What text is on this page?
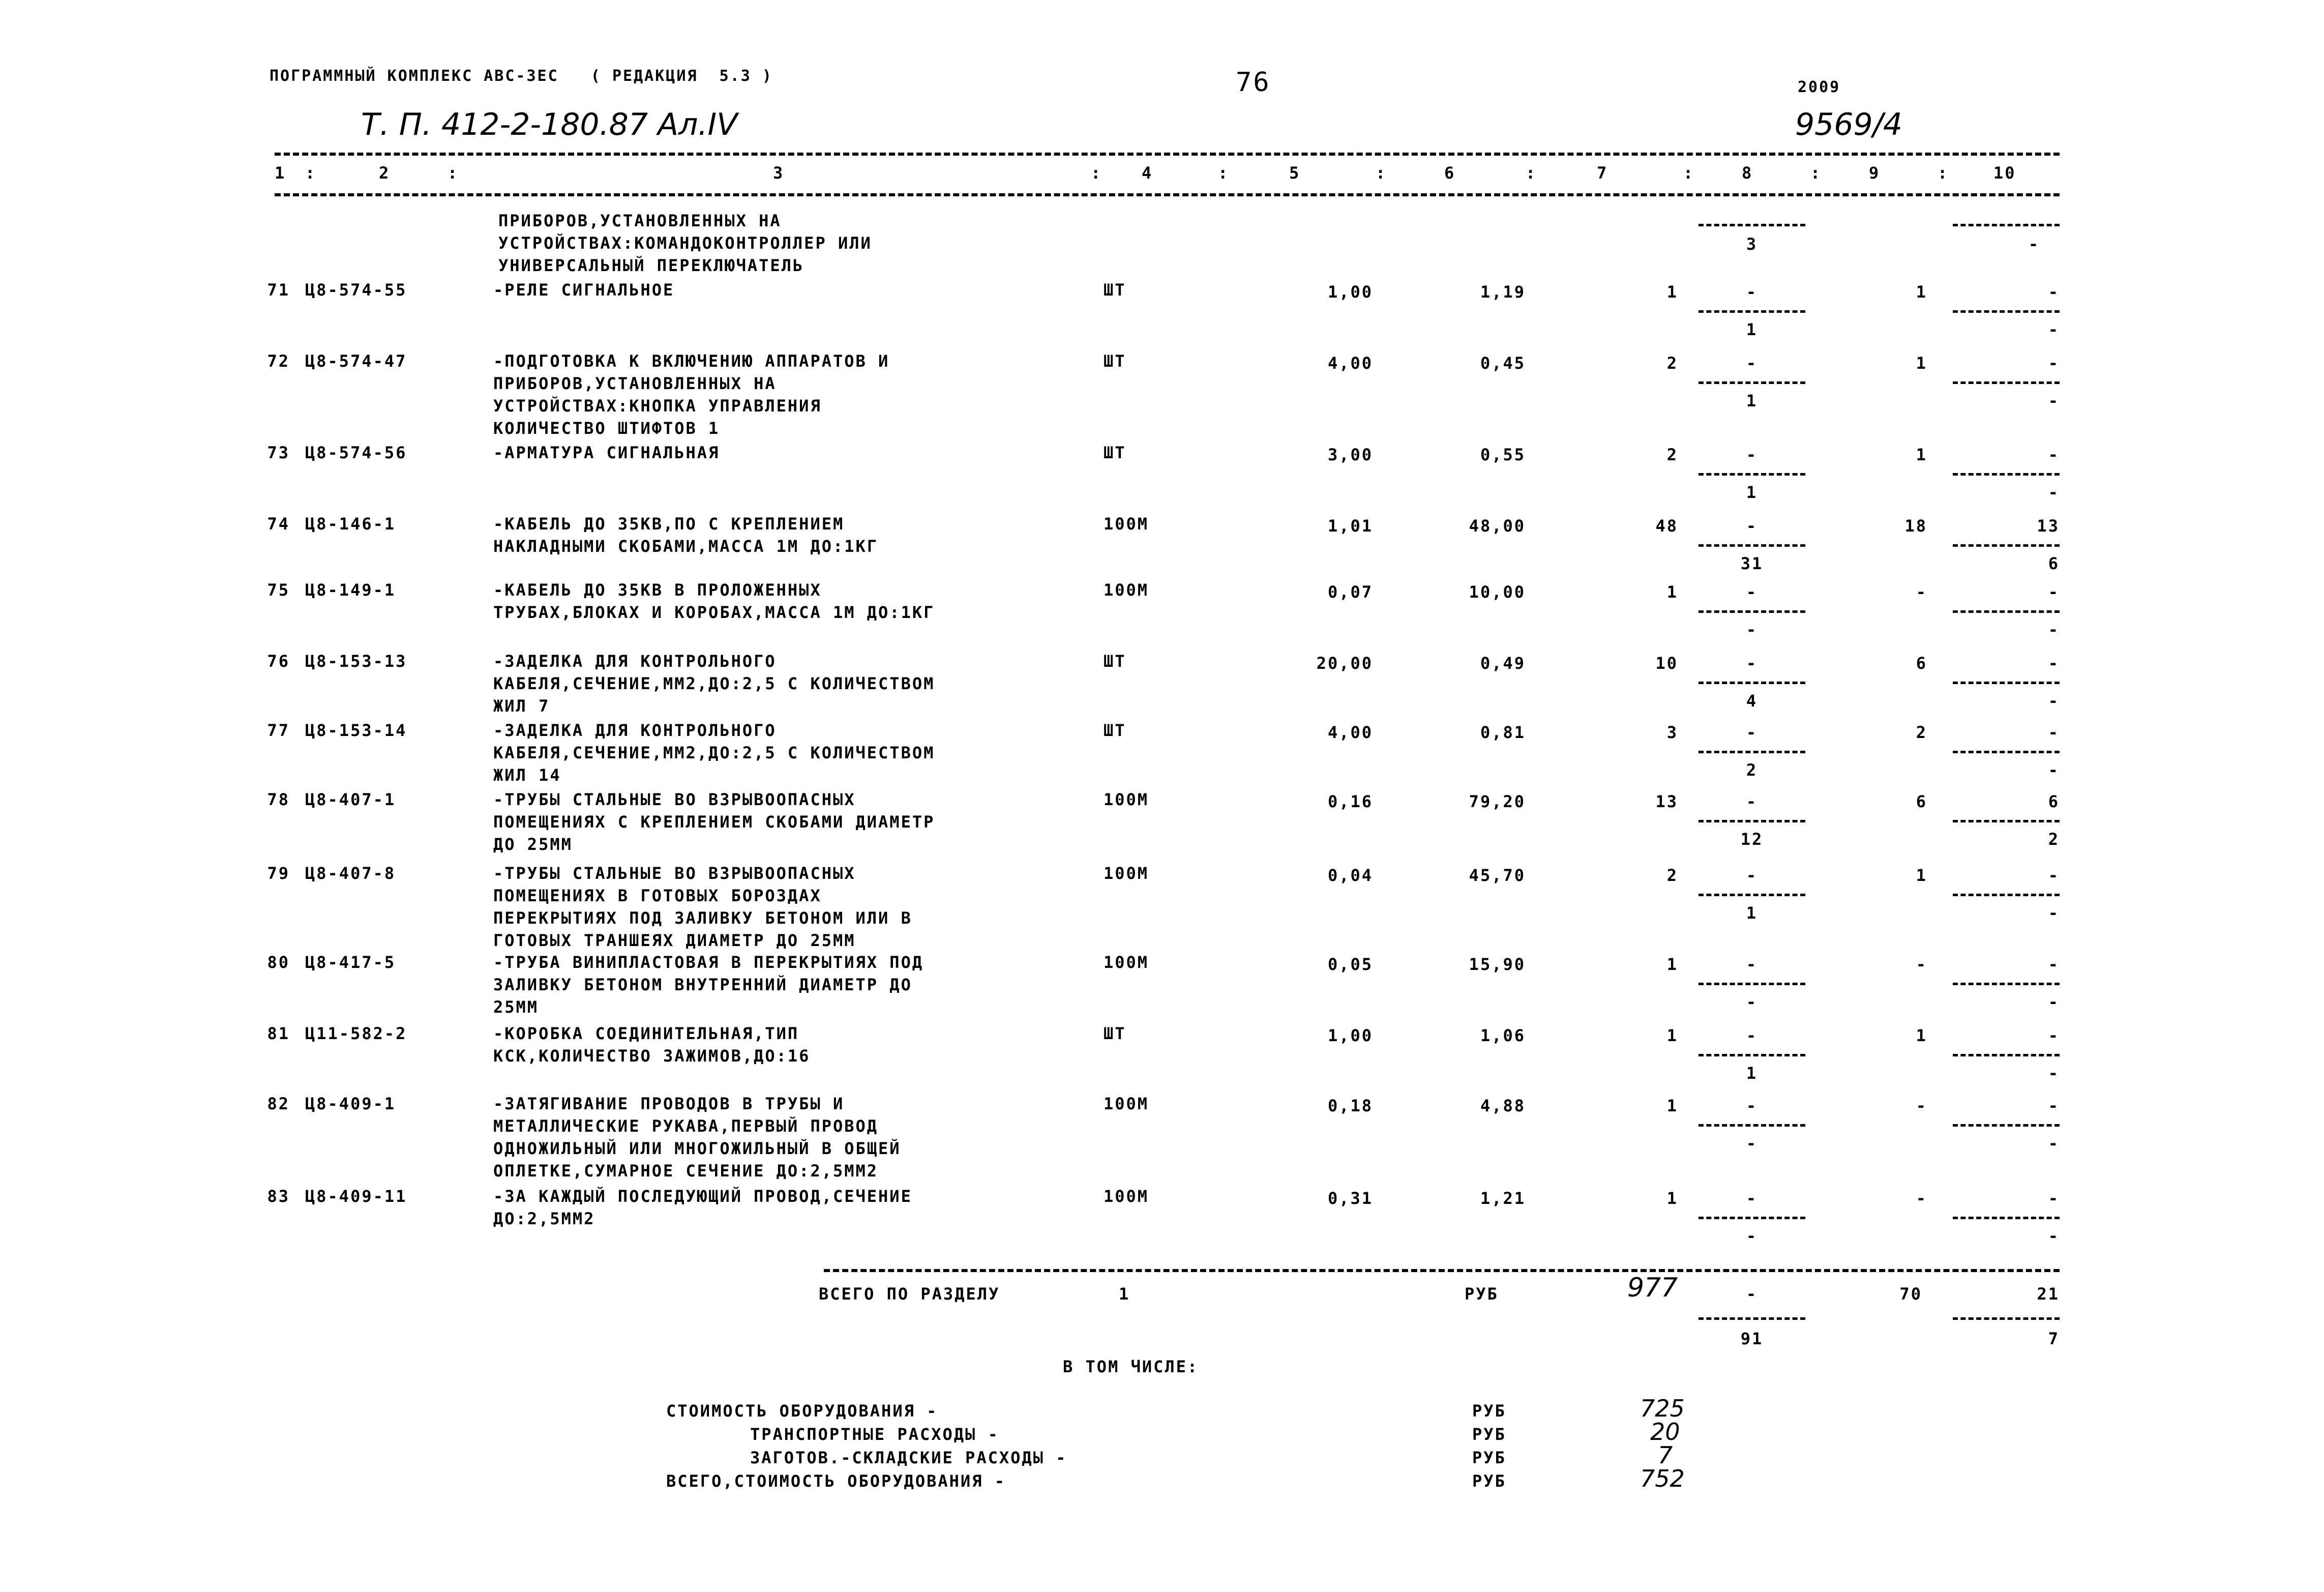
ПОГРАММНЫЙ КОМПЛЕКС АВС-ЗЕС   ( РЕДАКЦИЯ  5.3 )	76	2009
Т. П. 412-2-180.87 Ал.IV	9569/4
1	2	3	4	5	6	7	8	9	10
:	:	:	:	:	:	:	:	:
ПРИБОРОВ,УСТАНОВЛЕННЫХ НА
УСТРОЙСТВАХ:КОМАНДОКОНТРОЛЛЕР ИЛИ
УНИВЕРСАЛЬНЫЙ ПЕРЕКЛЮЧАТЕЛЬ
3	-
71 Ц8-574-55	-РЕЛЕ СИГНАЛЬНОЕ	ШТ	1,00	1,19	1	-	1	-
1	-
72 Ц8-574-47	-ПОДГОТОВКА К ВКЛЮЧЕНИЮ АППАРАТОВ И
ПРИБОРОВ,УСТАНОВЛЕННЫХ НА
УСТРОЙСТВАХ:КНОПКА УПРАВЛЕНИЯ
КОЛИЧЕСТВО ШТИФТОВ 1
ШТ	4,00	0,45	2	-	1	-
1	-
73 Ц8-574-56	-АРМАТУРА СИГНАЛЬНАЯ	ШТ	3,00	0,55	2	-	1	-
1	-
74 Ц8-146-1	-КАБЕЛЬ ДО 35КВ,ПО С КРЕПЛЕНИЕМ
НАКЛАДНЫМИ СКОБАМИ,МАССА 1М ДО:1КГ
100М	1,01	48,00	48	-	18	13
31	6
75 Ц8-149-1	-КАБЕЛЬ ДО 35КВ В ПРОЛОЖЕННЫХ
ТРУБАХ,БЛОКАХ И КОРОБАХ,МАССА 1М ДО:1КГ
100М	0,07	10,00	1	-	-	-
-	-
76 Ц8-153-13	-ЗАДЕЛКА ДЛЯ КОНТРОЛЬНОГО
КАБЕЛЯ,СЕЧЕНИЕ,ММ2,ДО:2,5 С КОЛИЧЕСТВОМ
ЖИЛ 7
ШТ	20,00	0,49	10	-	6	-
4	-
77 Ц8-153-14	-ЗАДЕЛКА ДЛЯ КОНТРОЛЬНОГО
КАБЕЛЯ,СЕЧЕНИЕ,ММ2,ДО:2,5 С КОЛИЧЕСТВОМ
ЖИЛ 14
ШТ	4,00	0,81	3	-	2	-
2	-
78 Ц8-407-1	-ТРУБЫ СТАЛЬНЫЕ ВО ВЗРЫВООПАСНЫХ
ПОМЕЩЕНИЯХ С КРЕПЛЕНИЕМ СКОБАМИ ДИАМЕТР
ДО 25ММ
100М	0,16	79,20	13	-	6	6
12	2
79 Ц8-407-8	-ТРУБЫ СТАЛЬНЫЕ ВО ВЗРЫВООПАСНЫХ
ПОМЕЩЕНИЯХ В ГОТОВЫХ БОРОЗДАХ
ПЕРЕКРЫТИЯХ ПОД ЗАЛИВКУ БЕТОНОМ ИЛИ В
ГОТОВЫХ ТРАНШЕЯХ ДИАМЕТР ДО 25ММ
100М	0,04	45,70	2	-	1	-
1	-
80 Ц8-417-5	-ТРУБА ВИНИПЛАСТОВАЯ В ПЕРЕКРЫТИЯХ ПОД
ЗАЛИВКУ БЕТОНОМ ВНУТРЕННИЙ ДИАМЕТР ДО
25ММ
100М	0,05	15,90	1	-	-	-
-	-
81 Ц11-582-2	-КОРОБКА СОЕДИНИТЕЛЬНАЯ,ТИП
КСК,КОЛИЧЕСТВО ЗАЖИМОВ,ДО:16
ШТ	1,00	1,06	1	-	1	-
1	-
82 Ц8-409-1	-ЗАТЯГИВАНИЕ ПРОВОДОВ В ТРУБЫ И
МЕТАЛЛИЧЕСКИЕ РУКАВА,ПЕРВЫЙ ПРОВОД
ОДНОЖИЛЬНЫЙ ИЛИ МНОГОЖИЛЬНЫЙ В ОБЩЕЙ
ОПЛЕТКЕ,СУМАРНОЕ СЕЧЕНИЕ ДО:2,5ММ2
100М	0,18	4,88	1	-	-	-
-	-
83 Ц8-409-11	-ЗА КАЖДЫЙ ПОСЛЕДУЮЩИЙ ПРОВОД,СЕЧЕНИЕ
ДО:2,5ММ2
100М	0,31	1,21	1	-	-	-
-	-
ВСЕГО ПО РАЗДЕЛУ	1	РУБ	977	-	70	21
91	7
В ТОМ ЧИСЛЕ:
СТОИМОСТЬ ОБОРУДОВАНИЯ -	РУБ	725
ТРАНСПОРТНЫЕ РАСХОДЫ -	РУБ	20
ЗАГОТОВ.-СКЛАДСКИЕ РАСХОДЫ -	РУБ	7
ВСЕГО,СТОИМОСТЬ ОБОРУДОВАНИЯ -	РУБ	752
